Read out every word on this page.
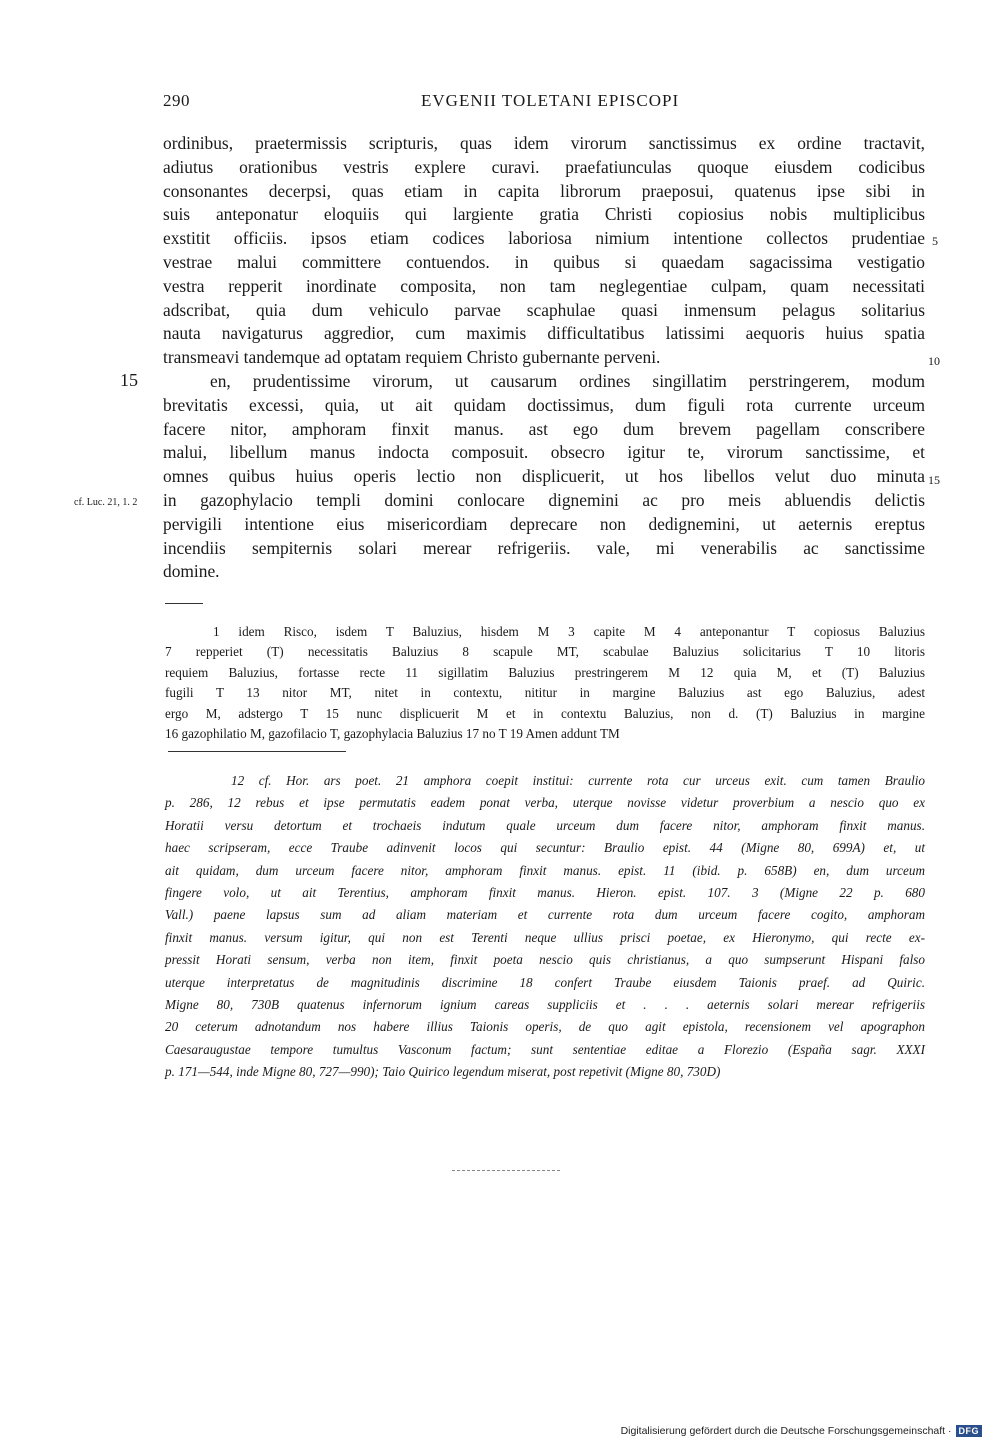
290	EVGENII TOLETANI EPISCOPI
ordinibus, praetermissis scripturis, quas idem virorum sanctissimus ex ordine tractavit,
adiutus orationibus vestris explere curavi. praefatiunculas quoque eiusdem codicibus
consonantes decerpsi, quas etiam in capita librorum praeposui, quatenus ipse sibi in
suis anteponatur eloquiis qui largiente gratia Christi copiosius nobis multiplicibus
exstitit officiis. ipsos etiam codices laboriosa nimium intentione collectos prudentiae
vestrae malui committere contuendos. in quibus si quaedam sagacissima vestigatio
vestra repperit inordinate composita, non tam neglegentiae culpam, quam necessitati
adscribat, quia dum vehiculo parvae scaphulae quasi inmensum pelagus solitarius
nauta navigaturus aggredior, cum maximis difficultatibus latissimi aequoris huius spatia
transmeavi tandemque ad optatam requiem Christo gubernante perveni.
en, prudentissime virorum, ut causarum ordines singillatim perstringerem, modum
brevitatis excessi, quia, ut ait quidam doctissimus, dum figuli rota currente urceum
facere nitor, amphoram finxit manus. ast ego dum brevem pagellam conscribere
malui, libellum manus indocta composuit. obsecro igitur te, virorum sanctissime, et
omnes quibus huius operis lectio non displicuerit, ut hos libellos velut duo minuta
in gazophylacio templi domini conlocare dignemini ac pro meis abluendis delictis
pervigili intentione eius misericordiam deprecare non dedignemini, ut aeternis ereptus
incendiis sempiternis solari merear refrigeriis. vale, mi venerabilis ac sanctissime
domine.
5
10
15
15
cf. Luc. 21, 1. 2
1 idem Risco, isdem T Baluzius, hisdem M 3 capite M 4 anteponantur T copiosus Baluzius
7 repperiet (T) necessitatis Baluzius 8 scapule MT, scabulae Baluzius solicitarius T 10 litoris
requiem Baluzius, fortasse recte 11 sigillatim Baluzius prestringerem M 12 quia M, et (T) Baluzius
fugili T 13 nitor MT, nitet in contextu, nititur in margine Baluzius ast ego Baluzius, adest
ergo M, adstergo T 15 nunc displicuerit M et in contextu Baluzius, non d. (T) Baluzius in margine
16 gazophilatio M, gazofilacio T, gazophylacia Baluzius 17 no T 19 Amen addunt TM
12 cf. Hor. ars poet. 21 amphora coepit institui: currente rota cur urceus exit. cum tamen Braulio
p. 286, 12 rebus et ipse permutatis eadem ponat verba, uterque novisse videtur proverbium a nescio quo ex
Horatii versu detortum et trochaeis indutum quale urceum dum facere nitor, amphoram finxit manus.
haec scripseram, ecce Traube adinvenit locos qui secuntur: Braulio epist. 44 (Migne 80, 699A) et, ut
ait quidam, dum urceum facere nitor, amphoram finxit manus. epist. 11 (ibid. p. 658B) en, dum urceum
fingere volo, ut ait Terentius, amphoram finxit manus. Hieron. epist. 107. 3 (Migne 22 p. 680
Vall.) paene lapsus sum ad aliam materiam et currente rota dum urceum facere cogito, amphoram
finxit manus. versum igitur, qui non est Terenti neque ullius prisci poetae, ex Hieronymo, qui recte ex-
pressit Horati sensum, verba non item, finxit poeta nescio quis christianus, a quo sumpserunt Hispani falso
uterque interpretatus de magnitudinis discrimine 18 confert Traube eiusdem Taionis praef. ad Quiric.
Migne 80, 730B quatenus infernorum ignium careas suppliciis et . . . aeternis solari merear refrigeriis
20 ceterum adnotandum nos habere illius Taionis operis, de quo agit epistola, recensionem vel apographon
Caesaraugustae tempore tumultus Vasconum factum; sunt sententiae editae a Florezio (España sagr. XXXI
p. 171—544, inde Migne 80, 727—990); Taio Quirico legendum miserat, post repetivit (Migne 80, 730D)
Digitalisierung gefördert durch die Deutsche Forschungsgemeinschaft · DFG
